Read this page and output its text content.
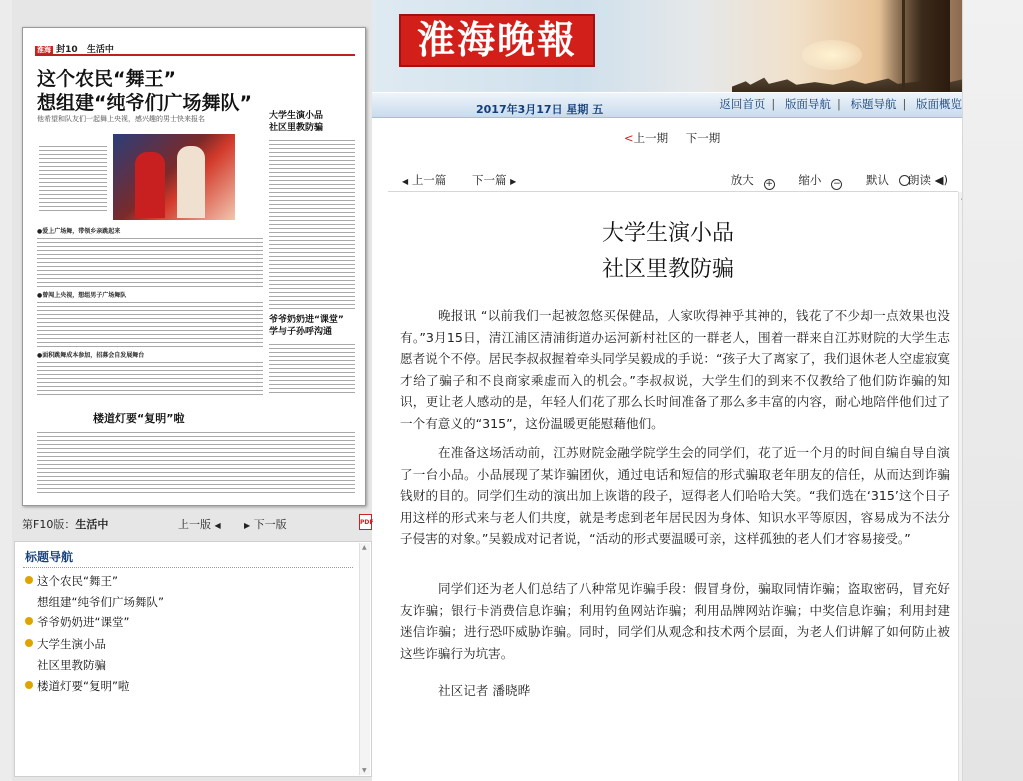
淮海 封10 生活中
这个农民“舞王”
想组建“纯爷们广场舞队”
他希望和队友们一起舞上央视，感兴趣的男士快来报名	大学生演小品
社区里教防骗
爷爷奶奶进“课堂”
学与子孙呼沟通
●爱上广场舞，带领乡亲跳起来
●曾闯上央视，想组男子广场舞队
●面积跳舞成本参加，招募会自发展舞台
楼道灯要“复明”啦
第F10版：生活中	上一版 ◀	▶ 下一版	PDF
标题导航
这个农民“舞王”
想组建“纯爷们广场舞队”
爷爷奶奶进“课堂”
大学生演小品
社区里教防骗
楼道灯要“复明”啦
▲
▼
淮海晚報
2017年3月17日 星期 五	返回首页 | 版面导航 | 标题导航 | 版面概览
<上一期 下一期
◀ 上一篇 下一篇 ▶	放大 + 缩小 − 默认	朗读 ◀)
大学生演小品
社区里教防骗

晚报讯 “以前我们一起被忽悠买保健品，人家吹得神乎其神的，钱花了不少却一点效果也没有。”3月15日，清江浦区清浦街道办运河新村社区的一群老人，围着一群来自江苏财院的大学生志愿者说个不停。居民李叔叔握着牵头同学吴毅成的手说：“孩子大了离家了，我们退休老人空虚寂寞才给了骗子和不良商家乘虚而入的机会。”李叔叔说，大学生们的到来不仅教给了他们防诈骗的知识，更让老人感动的是，年轻人们花了那么长时间准备了那么多丰富的内容，耐心地陪伴他们过了一个有意义的“315”，这份温暖更能慰藉他们。

在准备这场活动前，江苏财院金融学院学生会的同学们，花了近一个月的时间自编自导自演了一台小品。小品展现了某诈骗团伙，通过电话和短信的形式骗取老年朋友的信任，从而达到诈骗钱财的目的。同学们生动的演出加上诙谐的段子，逗得老人们哈哈大笑。“我们选在‘315’这个日子用这样的形式来与老人们共度，就是考虑到老年居民因为身体、知识水平等原因，容易成为不法分子侵害的对象。”吴毅成对记者说，“活动的形式要温暖可亲，这样孤独的老人们才容易接受。”

同学们还为老人们总结了八种常见诈骗手段：假冒身份，骗取同情诈骗；盗取密码，冒充好友诈骗；银行卡消费信息诈骗；利用钓鱼网站诈骗；利用品牌网站诈骗；中奖信息诈骗；利用封建迷信诈骗；进行恐吓威胁诈骗。同时，同学们从观念和技术两个层面，为老人们讲解了如何防止被这些诈骗行为坑害。

社区记者 潘晓晔
